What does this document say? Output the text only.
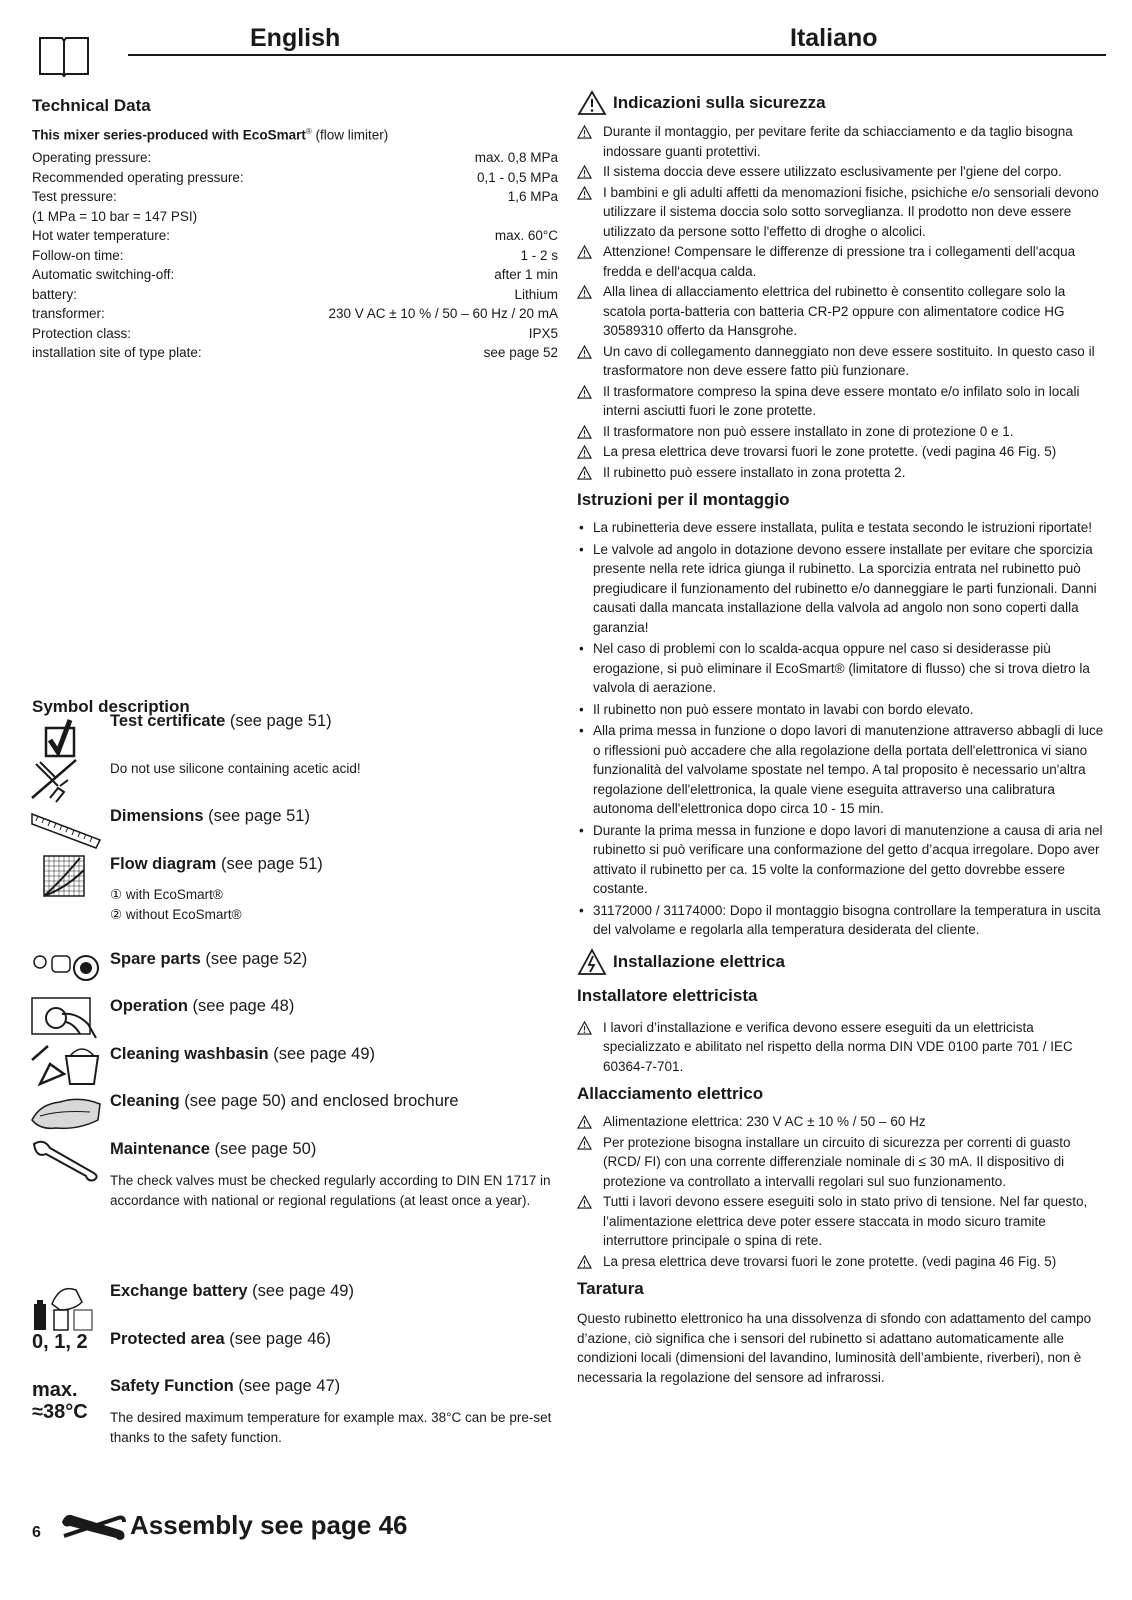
English	Italiano
Technical Data
This mixer series-produced with EcoSmart® (flow limiter)
Operating pressure:	max. 0,8 MPa
Recommended operating pressure:	0,1 - 0,5 MPa
Test pressure:	1,6 MPa
(1 MPa = 10 bar = 147 PSI)
Hot water temperature:	max. 60°C
Follow-on time:	1 - 2 s
Automatic switching-off:	after 1 min
battery:	Lithium
transformer:	230 V AC ± 10 % / 50 – 60 Hz / 20 mA
Protection class:	IPX5
installation site of type plate:	see page 52
Symbol description
Test certificate (see page 51)
Do not use silicone containing acetic acid!
Dimensions (see page 51)
Flow diagram (see page 51)
① with EcoSmart®
② without EcoSmart®
Spare parts (see page 52)
Operation (see page 48)
Cleaning washbasin (see page 49)
Cleaning (see page 50) and enclosed brochure
Maintenance (see page 50)
The check valves must be checked regularly according to DIN EN 1717 in accordance with national or regional regulations (at least once a year).
Exchange battery (see page 49)
0, 1, 2 Protected area (see page 46)
max.
≈38°C
Safety Function (see page 47)
The desired maximum temperature for example max. 38°C can be pre-set thanks to the safety function.
6	Assembly see page 46
Indicazioni sulla sicurezza
Durante il montaggio, per pevitare ferite da schiacciamento e da taglio bisogna indossare guanti protettivi.
Il sistema doccia deve essere utilizzato esclusivamente per l'giene del corpo.
I bambini e gli adulti affetti da menomazioni fisiche, psichiche e/o sensoriali devono utilizzare il sistema doccia solo sotto sorveglianza. Il prodotto non deve essere utilizzato da persone sotto l'effetto di droghe o alcolici.
Attenzione! Compensare le differenze di pressione tra i collegamenti dell'acqua fredda e dell'acqua calda.
Alla linea di allacciamento elettrica del rubinetto è consentito collegare solo la scatola porta-batteria con batteria CR-P2 oppure con alimentatore codice HG 30589310 offerto da Hansgrohe.
Un cavo di collegamento danneggiato non deve essere sostituito. In questo caso il trasformatore non deve essere fatto più funzionare.
Il trasformatore compreso la spina deve essere montato e/o infilato solo in locali interni asciutti fuori le zone protette.
Il trasformatore non può essere installato in zone di protezione 0 e 1.
La presa elettrica deve trovarsi fuori le zone protette. (vedi pagina 46 Fig. 5)
Il rubinetto può essere installato in zona protetta 2.
Istruzioni per il montaggio
• La rubinetteria deve essere installata, pulita e testata secondo le istruzioni riportate!
• Le valvole ad angolo in dotazione devono essere installate per evitare che sporcizia presente nella rete idrica giunga il rubinetto. La sporcizia entrata nel rubinetto può pregiudicare il funzionamento del rubinetto e/o danneggiare le parti funzionali. Danni causati dalla mancata installazione della valvola ad angolo non sono coperti dalla garanzia!
• Nel caso di problemi con lo scalda-acqua oppure nel caso si desiderasse più erogazione, si può eliminare il EcoSmart® (limitatore di flusso) che si trova dietro la valvola di aerazione.
• Il rubinetto non può essere montato in lavabi con bordo elevato.
• Alla prima messa in funzione o dopo lavori di manutenzione attraverso abbagli di luce o riflessioni può accadere che alla regolazione della portata dell'elettronica vi siano funzionalità del valvolame spostate nel tempo. A tal proposito è necessario un'altra regolazione dell'elettronica, la quale viene eseguita attraverso una calibratura autonoma dell'elettronica dopo circa 10 - 15 min.
• Durante la prima messa in funzione e dopo lavori di manutenzione a causa di aria nel rubinetto si può verificare una conformazione del getto d’acqua irregolare. Dopo aver attivato il rubinetto per ca. 15 volte la conformazione del getto dovrebbe essere costante.
• 31172000 / 31174000: Dopo il montaggio bisogna controllare la temperatura in uscita del valvolame e regolarla alla temperatura desiderata del cliente.
Installazione elettrica
Installatore elettricista
I lavori d’installazione e verifica devono essere eseguiti da un elettricista specializzato e abilitato nel rispetto della norma DIN VDE 0100 parte 701 / IEC 60364-7-701.
Allacciamento elettrico
Alimentazione elettrica: 230 V AC ± 10 % / 50 – 60 Hz
Per protezione bisogna installare un circuito di sicurezza per correnti di guasto (RCD/ FI) con una corrente differenziale nominale di ≤ 30 mA. Il dispositivo di protezione va controllato a intervalli regolari sul suo funzionamento.
Tutti i lavori devono essere eseguiti solo in stato privo di tensione. Nel far questo, l’alimentazione elettrica deve poter essere staccata in modo sicuro tramite interruttore principale o spina di rete.
La presa elettrica deve trovarsi fuori le zone protette. (vedi pagina 46 Fig. 5)
Taratura
Questo rubinetto elettronico ha una dissolvenza di sfondo con adattamento del campo d’azione, ciò significa che i sensori del rubinetto si adattano automaticamente alle condizioni locali (dimensioni del lavandino, luminosità dell’ambiente, riverberi), non è necessaria la regolazione del sensore ad infrarossi.
